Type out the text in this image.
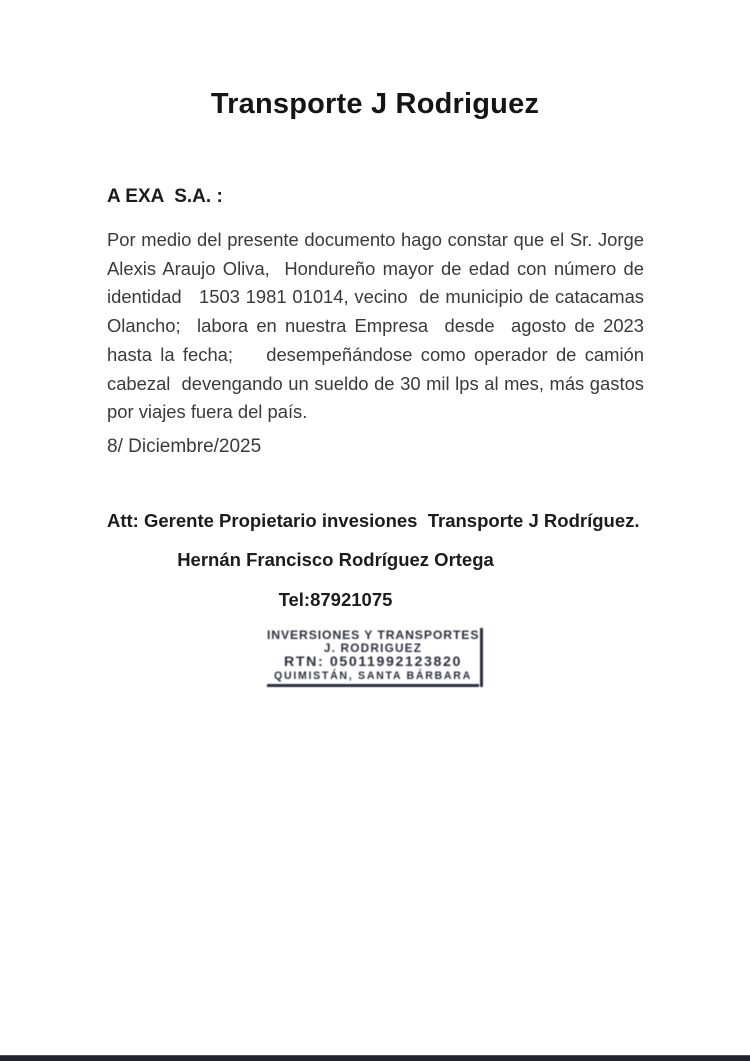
Transporte J Rodriguez
A EXA  S.A. :
Por medio del presente documento hago constar que el Sr. Jorge
Alexis Araujo Oliva,  Hondureño mayor de edad con número de
identidad   1503 1981 01014, vecino  de municipio de catacamas
Olancho;  labora en nuestra Empresa  desde  agosto de 2023
hasta la fecha;    desempeñándose como operador de camión
cabezal  devengando un sueldo de 30 mil lps al mes, más gastos
por viajes fuera del país.
8/ Diciembre/2025
Att: Gerente Propietario invesiones  Transporte J Rodríguez.
Hernán Francisco Rodríguez Ortega
Tel:87921075
INVERSIONES Y TRANSPORTES
J. RODRIGUEZ
RTN: 05011992123820
QUIMISTÁN, SANTA BÁRBARA
